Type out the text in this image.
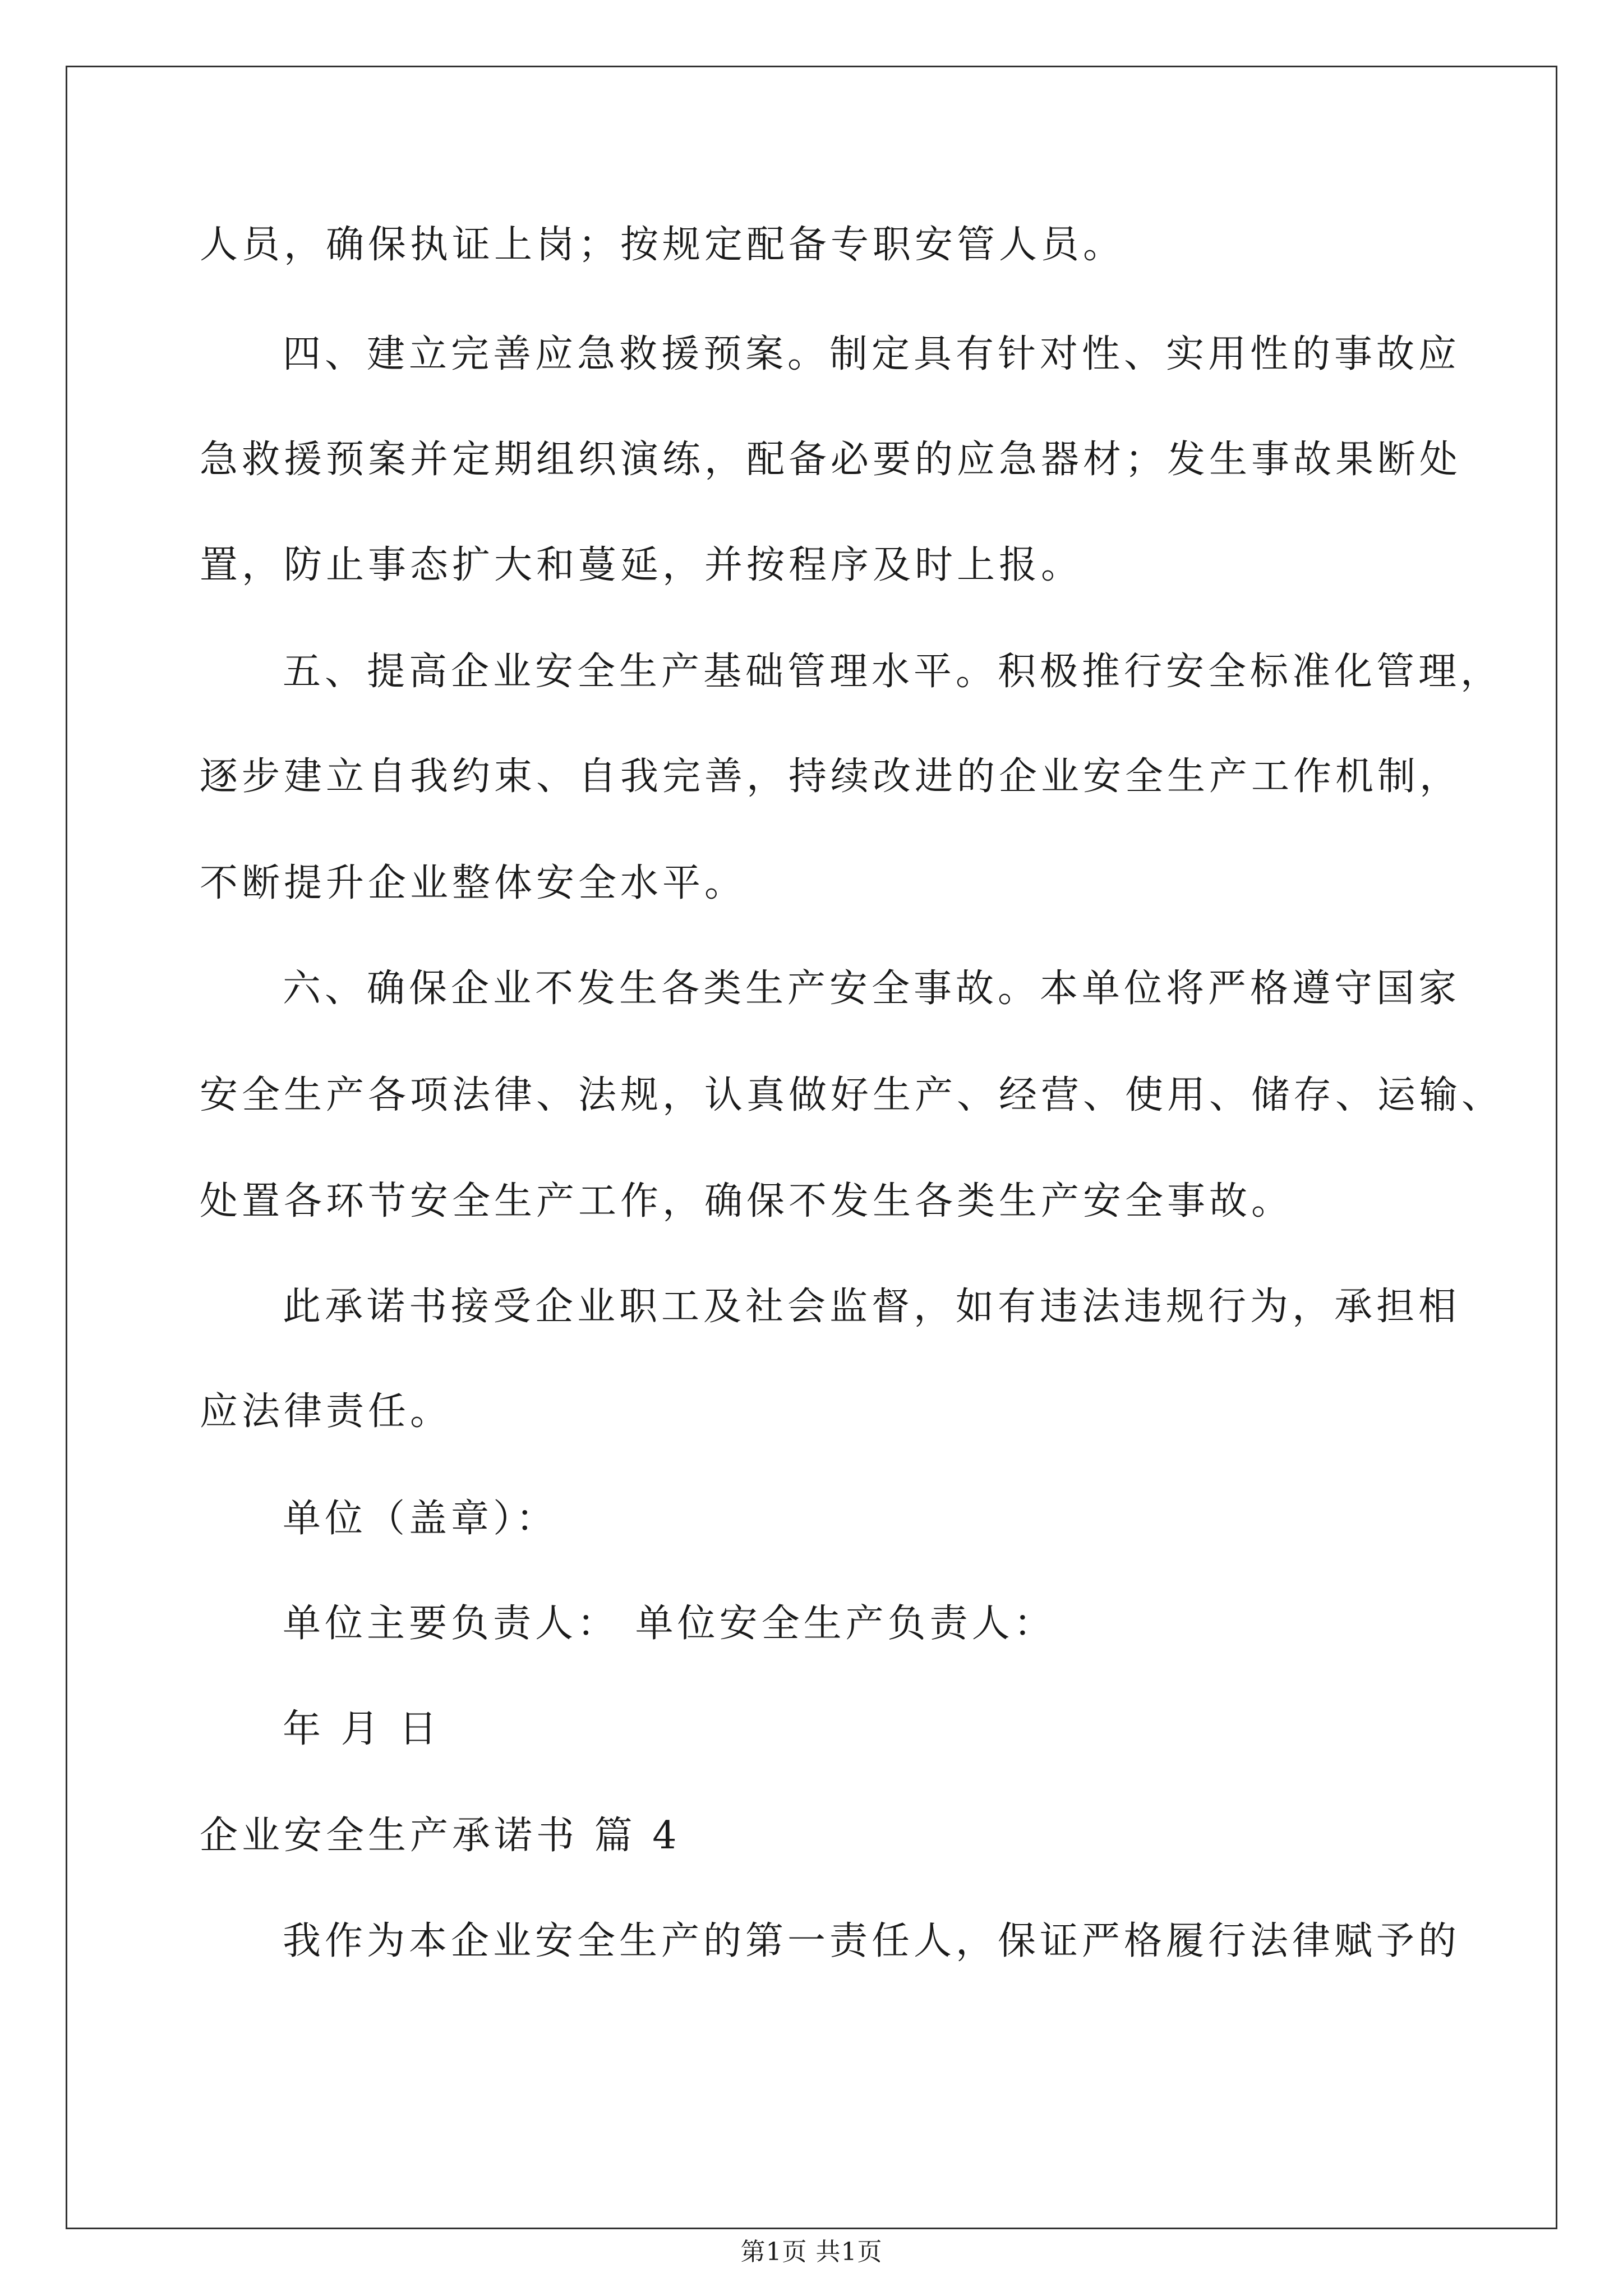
人员，确保执证上岗；按规定配备专职安管人员。
四、建立完善应急救援预案。制定具有针对性、实用性的事故应
急救援预案并定期组织演练，配备必要的应急器材；发生事故果断处
置，防止事态扩大和蔓延，并按程序及时上报。
五、提高企业安全生产基础管理水平。积极推行安全标准化管理，
逐步建立自我约束、自我完善，持续改进的企业安全生产工作机制，
不断提升企业整体安全水平。
六、确保企业不发生各类生产安全事故。本单位将严格遵守国家
安全生产各项法律、法规，认真做好生产、经营、使用、储存、运输、
处置各环节安全生产工作，确保不发生各类生产安全事故。
此承诺书接受企业职工及社会监督，如有违法违规行为，承担相
应法律责任。
单位（盖章）：
单位主要负责人： 单位安全生产负责人：
年 月 日
企业安全生产承诺书 篇 4
我作为本企业安全生产的第一责任人，保证严格履行法律赋予的
第1页 共1页
